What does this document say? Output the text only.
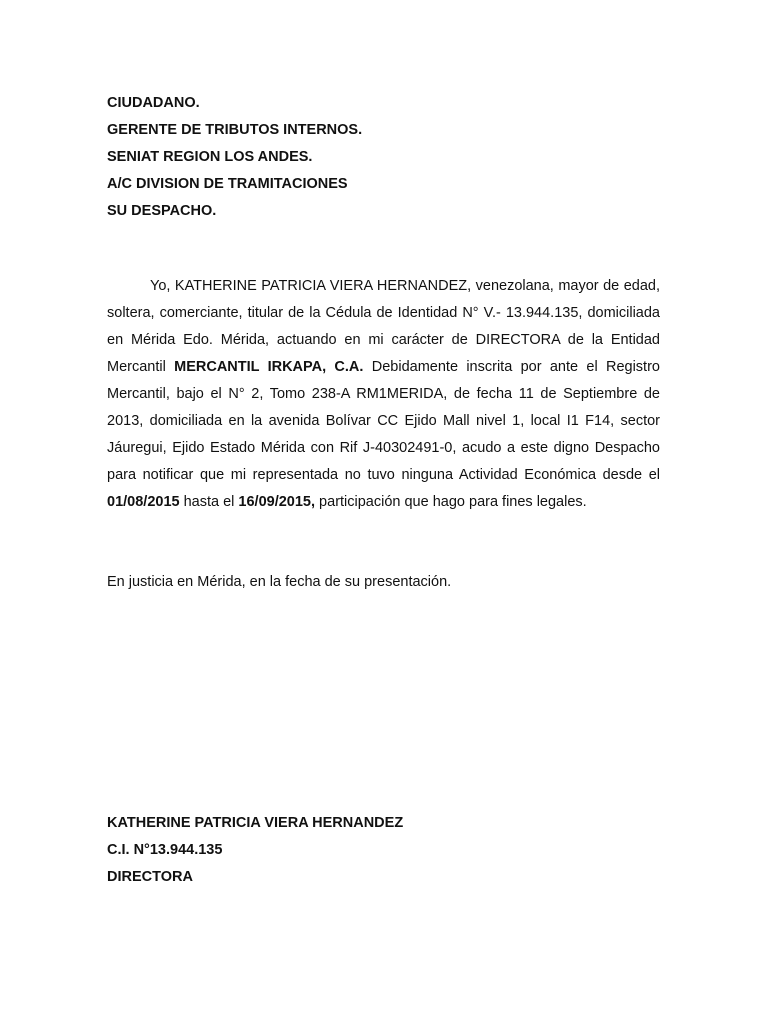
CIUDADANO.
GERENTE DE TRIBUTOS INTERNOS.
SENIAT REGION LOS ANDES.
A/C DIVISION DE TRAMITACIONES
SU DESPACHO.

Yo, KATHERINE PATRICIA VIERA HERNANDEZ, venezolana, mayor de edad, soltera, comerciante, titular de la Cédula de Identidad N° V.- 13.944.135, domiciliada en Mérida Edo. Mérida, actuando en mi carácter de DIRECTORA de la Entidad Mercantil MERCANTIL IRKAPA, C.A. Debidamente inscrita por ante el Registro Mercantil, bajo el N° 2, Tomo 238-A RM1MERIDA, de fecha 11 de Septiembre de 2013, domiciliada en la avenida Bolívar CC Ejido Mall nivel 1, local I1 F14, sector Jáuregui, Ejido Estado Mérida con Rif J-40302491-0, acudo a este digno Despacho para notificar que mi representada no tuvo ninguna Actividad Económica desde el 01/08/2015 hasta el 16/09/2015, participación que hago para fines legales.

En justicia en Mérida, en la fecha de su presentación.

KATHERINE PATRICIA VIERA HERNANDEZ
C.I. N°13.944.135
DIRECTORA
